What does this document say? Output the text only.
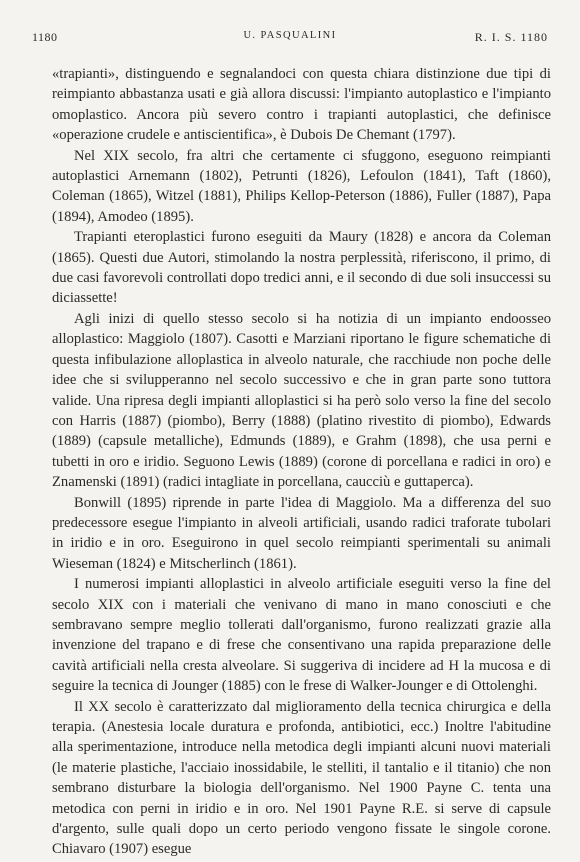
1180	U. PASQUALINI	R. I. S. 1180

«trapianti», distinguendo e segnalandoci con questa chiara distinzione due tipi di reimpianto abbastanza usati e già allora discussi: l'impianto autoplastico e l'impianto omoplastico. Ancora più severo contro i trapianti autoplastici, che definisce «operazione crudele e antiscientifica», è Dubois De Chemant (1797).

Nel XIX secolo, fra altri che certamente ci sfuggono, eseguono reimpianti autoplastici Arnemann (1802), Petrunti (1826), Lefoulon (1841), Taft (1860), Coleman (1865), Witzel (1881), Philips Kellop-Peterson (1886), Fuller (1887), Papa (1894), Amodeo (1895).

Trapianti eteroplastici furono eseguiti da Maury (1828) e ancora da Coleman (1865). Questi due Autori, stimolando la nostra perplessità, riferiscono, il primo, di due casi favorevoli controllati dopo tredici anni, e il secondo di due soli insuccessi su diciassette!

Agli inizi di quello stesso secolo si ha notizia di un impianto endoosseo alloplastico: Maggiolo (1807). Casotti e Marziani riportano le figure schematiche di questa infibulazione alloplastica in alveolo naturale, che racchiude non poche delle idee che si svilupperanno nel secolo successivo e che in gran parte sono tuttora valide. Una ripresa degli impianti alloplastici si ha però solo verso la fine del secolo con Harris (1887) (piombo), Berry (1888) (platino rivestito di piombo), Edwards (1889) (capsule metalliche), Edmunds (1889), e Grahm (1898), che usa perni e tubetti in oro e iridio. Seguono Lewis (1889) (corone di porcellana e radici in oro) e Znamenski (1891) (radici intagliate in porcellana, caucciù e guttaperca).

Bonwill (1895) riprende in parte l'idea di Maggiolo. Ma a differenza del suo predecessore esegue l'impianto in alveoli artificiali, usando radici traforate tubolari in iridio e in oro. Eseguirono in quel secolo reimpianti sperimentali su animali Wieseman (1824) e Mitscherlinch (1861).

I numerosi impianti alloplastici in alveolo artificiale eseguiti verso la fine del secolo XIX con i materiali che venivano di mano in mano conosciuti e che sembravano sempre meglio tollerati dall'organismo, furono realizzati grazie alla invenzione del trapano e di frese che consentivano una rapida preparazione delle cavità artificiali nella cresta alveolare. Si suggeriva di incidere ad H la mucosa e di seguire la tecnica di Jounger (1885) con le frese di Walker-Jounger e di Ottolenghi.

Il XX secolo è caratterizzato dal miglioramento della tecnica chirurgica e della terapia. (Anestesia locale duratura e profonda, antibiotici, ecc.) Inoltre l'abitudine alla sperimentazione, introduce nella metodica degli impianti alcuni nuovi materiali (le materie plastiche, l'acciaio inossidabile, le stelliti, il tantalio e il titanio) che non sembrano disturbare la biologia dell'organismo. Nel 1900 Payne C. tenta una metodica con perni in iridio e in oro. Nel 1901 Payne R.E. si serve di capsule d'argento, sulle quali dopo un certo periodo vengono fissate le singole corone. Chiavaro (1907) esegue
